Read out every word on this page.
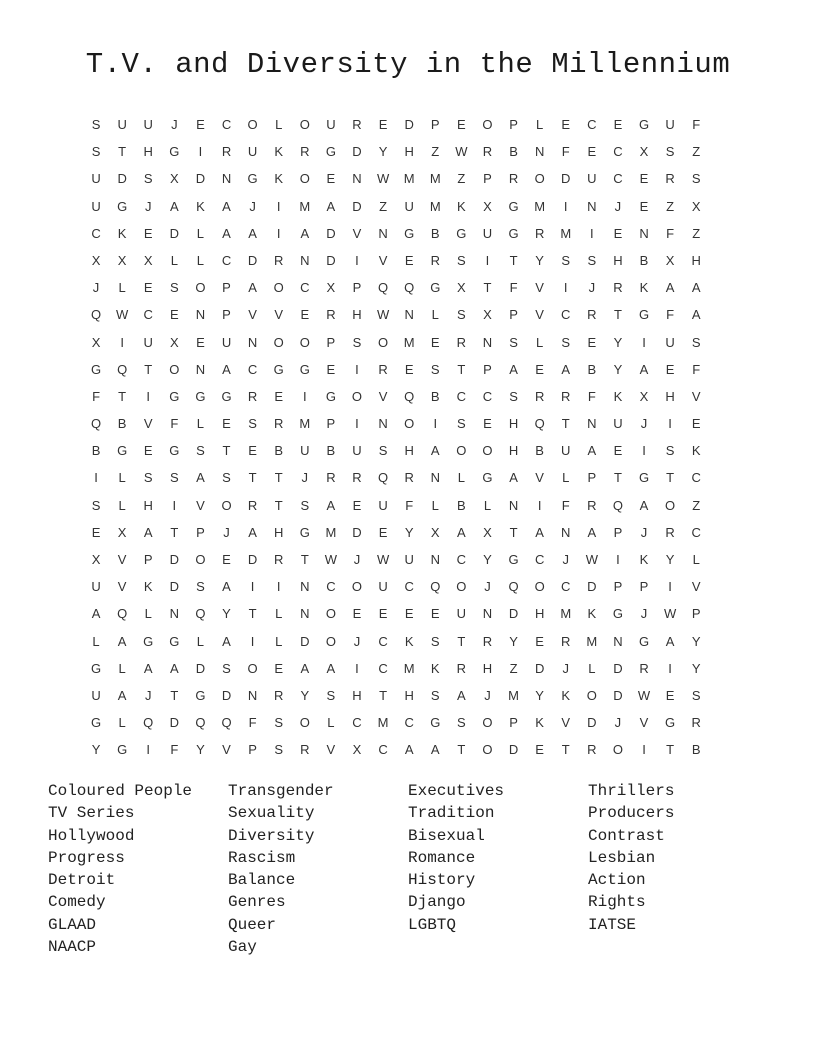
T.V. and Diversity in the Millennium
S	U	U	J	E	C	O	L	O	U	R	E	D	P	E	O	P	L	E	C	E	G	U	F
S	T	H	G	I	R	U	K	R	G	D	Y	H	Z	W	R	B	N	F	E	C	X	S	Z
U	D	S	X	D	N	G	K	O	E	N	W	M	M	Z	P	R	O	D	U	C	E	R	S
U	G	J	A	K	A	J	I	M	A	D	Z	U	M	K	X	G	M	I	N	J	E	Z	X
C	K	E	D	L	A	A	I	A	D	V	N	G	B	G	U	G	R	M	I	E	N	F	Z
X	X	X	L	L	C	D	R	N	D	I	V	E	R	S	I	T	Y	S	S	H	B	X	H
J	L	E	S	O	P	A	O	C	X	P	Q	Q	G	X	T	F	V	I	J	R	K	A	A
Q	W	C	E	N	P	V	V	E	R	H	W	N	L	S	X	P	V	C	R	T	G	F	A
X	I	U	X	E	U	N	O	O	P	S	O	M	E	R	N	S	L	S	E	Y	I	U	S
G	Q	T	O	N	A	C	G	G	E	I	R	E	S	T	P	A	E	A	B	Y	A	E	F
F	T	I	G	G	G	R	E	I	G	O	V	Q	B	C	C	S	R	R	F	K	X	H	V
Q	B	V	F	L	E	S	R	M	P	I	N	O	I	S	E	H	Q	T	N	U	J	I	E
B	G	E	G	S	T	E	B	U	B	U	S	H	A	O	O	H	B	U	A	E	I	S	K
I	L	S	S	A	S	T	T	J	R	R	Q	R	N	L	G	A	V	L	P	T	G	T	C
S	L	H	I	V	O	R	T	S	A	E	U	F	L	B	L	N	I	F	R	Q	A	O	Z
E	X	A	T	P	J	A	H	G	M	D	E	Y	X	A	X	T	A	N	A	P	J	R	C
X	V	P	D	O	E	D	R	T	W	J	W	U	N	C	Y	G	C	J	W	I	K	Y	L
U	V	K	D	S	A	I	I	N	C	O	U	C	Q	O	J	Q	O	C	D	P	P	I	V
A	Q	L	N	Q	Y	T	L	N	O	E	E	E	E	U	N	D	H	M	K	G	J	W	P
L	A	G	G	L	A	I	L	D	O	J	C	K	S	T	R	Y	E	R	M	N	G	A	Y
G	L	A	A	D	S	O	E	A	A	I	C	M	K	R	H	Z	D	J	L	D	R	I	Y
U	A	J	T	G	D	N	R	Y	S	H	T	H	S	A	J	M	Y	K	O	D	W	E	S
G	L	Q	D	Q	Q	F	S	O	L	C	M	C	G	S	O	P	K	V	D	J	V	G	R
Y	G	I	F	Y	V	P	S	R	V	X	C	A	A	T	O	D	E	T	R	O	I	T	B
Coloured People
TV Series
Hollywood
Progress
Detroit
Comedy
GLAAD
NAACP
Transgender
Sexuality
Diversity
Rascism
Balance
Genres
Queer
Gay
Executives
Tradition
Bisexual
Romance
History
Django
LGBTQ
Thrillers
Producers
Contrast
Lesbian
Action
Rights
IATSE
